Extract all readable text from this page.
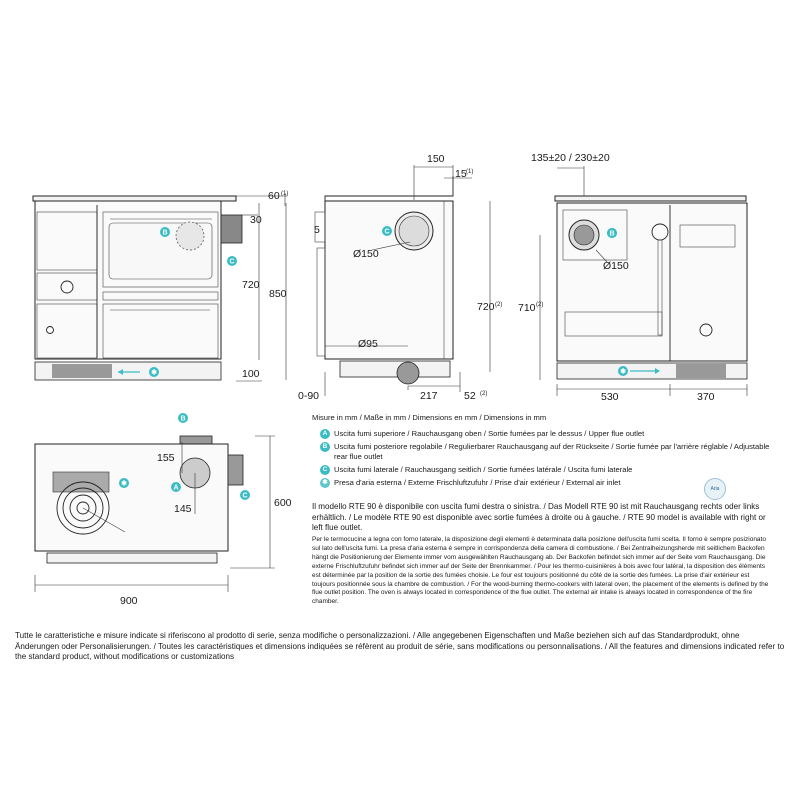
✱
B
C
60 (1)
30
720
850
100
C
Ø150
Ø95
150
15 (1)
5
720 (2)
0-90	217	52 (2)
B
✱
135±20 / 230±20
Ø150
710 (2)
530	370
B
A
C
✱
155
145	600
900
Misure in mm / Maße in mm / Dimensions en mm / Dimensions in mm
A Uscita fumi superiore / Rauchausgang oben / Sortie fumées par le dessus / Upper flue outlet
B Uscita fumi posteriore regolabile / Regulierbarer Rauchausgang auf der Rückseite / Sortie fumée par l'arrière réglable / Adjustable rear flue outlet
C Uscita fumi laterale / Rauchausgang seitlich / Sortie fumées latérale / Uscita fumi laterale
✱ Presa d'aria esterna / Externe Frischluftzufuhr / Prise d'air extérieur / External air inlet
Aria
Il modello RTE 90 è disponibile con uscita fumi destra o sinistra. / Das Modell RTE 90 ist mit Rauchausgang rechts oder links erhältlich. / Le modèle RTE 90 est disponible avec sortie fumées à droite ou à gauche. / RTE 90 model is available with right or left flue outlet.
Per le termocucine a legna con forno laterale, la disposizione degli elementi è determinata dalla posizione dell'uscita fumi scelta. Il forno è sempre posizionato sul lato dell'uscita fumi. La presa d'aria esterna è sempre in corrispondenza della camera di combustione. / Bei Zentralheizungsherde mit seitlichem Backofen hängt die Positionierung der Elemente immer vom ausgewählten Rauchausgang ab. Der Backofen befindet sich immer auf der Seite vom Rauchausgang. Die externe Frischluftzufuhr befindet sich immer auf der Seite der Brennkammer. / Pour les thermo-cuisinières à bois avec four latéral, la disposition des éléments est déterminée par la position de la sortie des fumées choisie. Le four est toujours positionné du côté de la sortie des fumées. La prise d'air extérieur est toujours positionnée sous la chambre de combustion. / For the wood-burning thermo-cookers with lateral oven, the placement of the elements is defined by the flue outlet position. The oven is always located in correspondence of the flue outlet. The external air intake is always located in correspondence of the fire chamber.
Tutte le caratteristiche e misure indicate si riferiscono al prodotto di serie, senza modifiche o personalizzazioni. / Alle angegebenen Eigenschaften und Maße beziehen sich auf das Standardprodukt, ohne Änderungen oder Personalisierungen. / Toutes les caractéristiques et dimensions indiquées se réfèrent au produit de série, sans modifications ou personnalisations. / All the features and dimensions indicated refer to the standard product, without modifications or customizations
